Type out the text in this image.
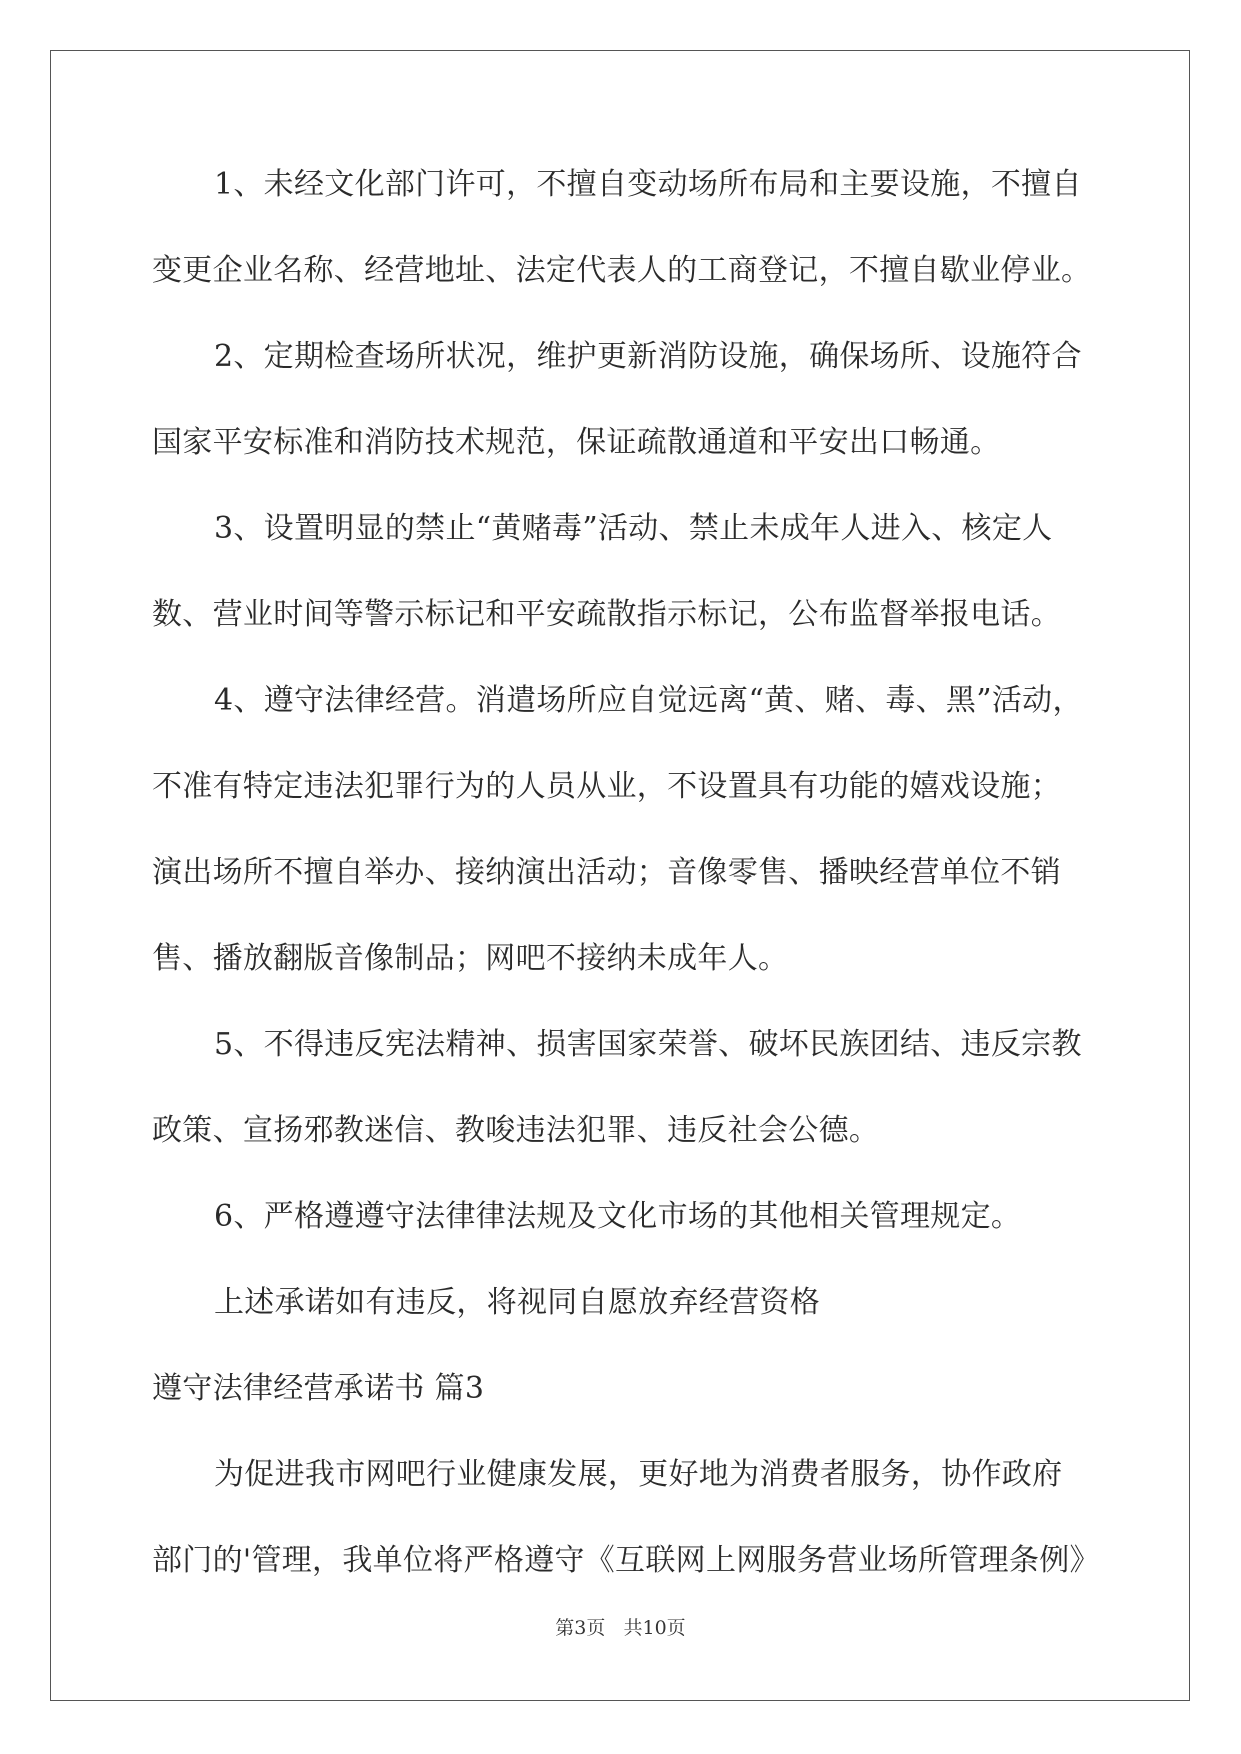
1、未经文化部门许可，不擅自变动场所布局和主要设施，不擅自
变更企业名称、经营地址、法定代表人的工商登记，不擅自歇业停业。
2、定期检查场所状况，维护更新消防设施，确保场所、设施符合
国家平安标准和消防技术规范，保证疏散通道和平安出口畅通。
3、设置明显的禁止“黄赌毒”活动、禁止未成年人进入、核定人
数、营业时间等警示标记和平安疏散指示标记，公布监督举报电话。
4、遵守法律经营。消遣场所应自觉远离“黄、赌、毒、黑”活动，
不准有特定违法犯罪行为的人员从业，不设置具有功能的嬉戏设施；
演出场所不擅自举办、接纳演出活动；音像零售、播映经营单位不销
售、播放翻版音像制品；网吧不接纳未成年人。
5、不得违反宪法精神、损害国家荣誉、破坏民族团结、违反宗教
政策、宣扬邪教迷信、教唆违法犯罪、违反社会公德。
6、严格遵遵守法律律法规及文化市场的其他相关管理规定。
上述承诺如有违反，将视同自愿放弃经营资格
遵守法律经营承诺书 篇3
为促进我市网吧行业健康发展，更好地为消费者服务，协作政府
部门的'管理，我单位将严格遵守《互联网上网服务营业场所管理条例》
第3页   共10页
